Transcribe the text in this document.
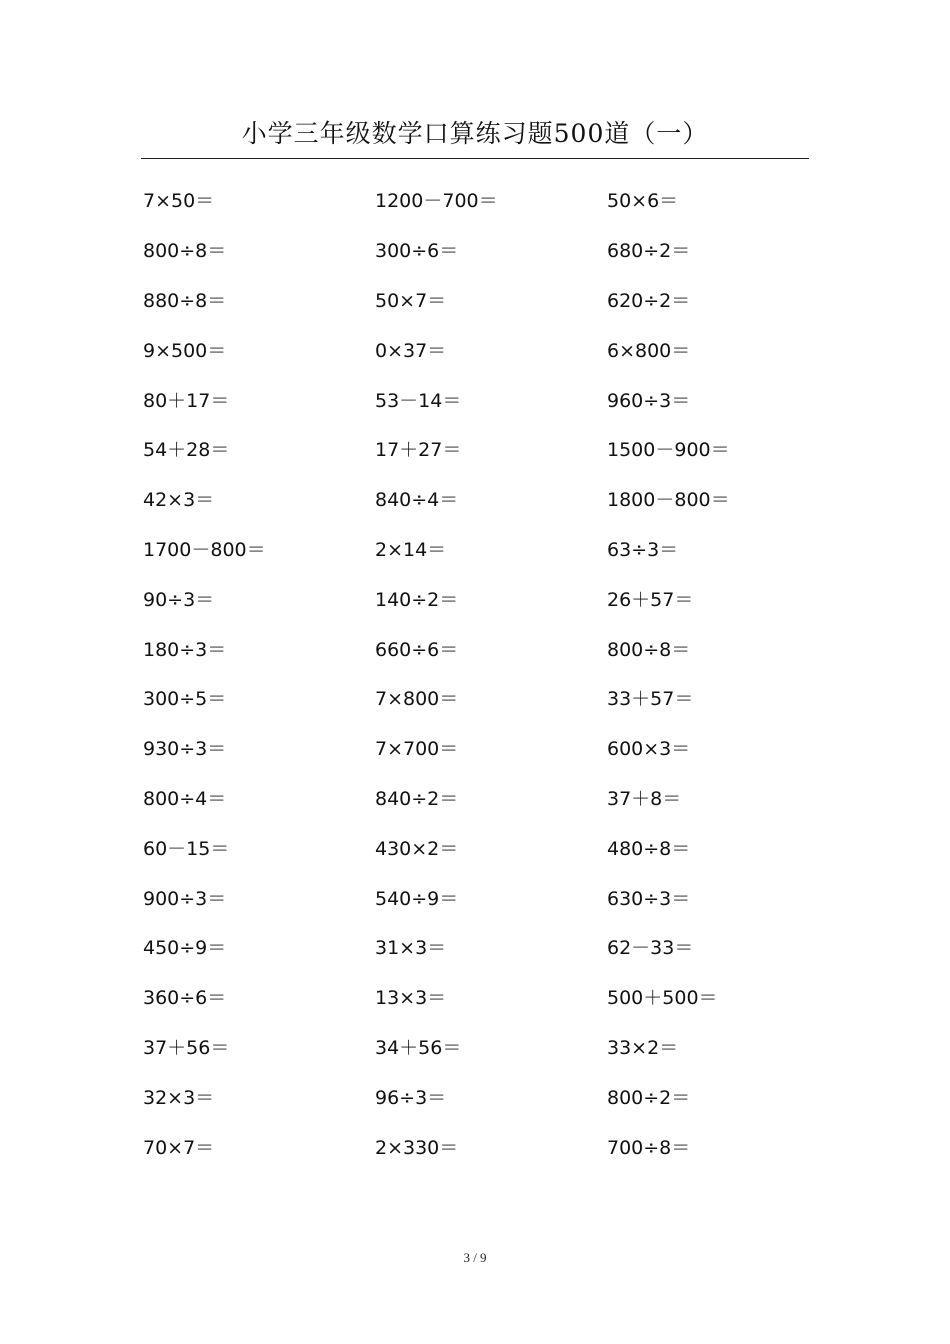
小学三年级数学口算练习题500道（一）
7×50＝	1200－700＝	50×6＝
800÷8＝	300÷6＝	680÷2＝
880÷8＝	50×7＝	620÷2＝
9×500＝	0×37＝	6×800＝
80＋17＝	53－14＝	960÷3＝
54＋28＝	17＋27＝	1500－900＝
42×3＝	840÷4＝	1800－800＝
1700－800＝	2×14＝	63÷3＝
90÷3＝	140÷2＝	26＋57＝
180÷3＝	660÷6＝	800÷8＝
300÷5＝	7×800＝	33＋57＝
930÷3＝	7×700＝	600×3＝
800÷4＝	840÷2＝	37＋8＝
60－15＝	430×2＝	480÷8＝
900÷3＝	540÷9＝	630÷3＝
450÷9＝	31×3＝	62－33＝
360÷6＝	13×3＝	500＋500＝
37＋56＝	34＋56＝	33×2＝
32×3＝	96÷3＝	800÷2＝
70×7＝	2×330＝	700÷8＝
3 / 9
